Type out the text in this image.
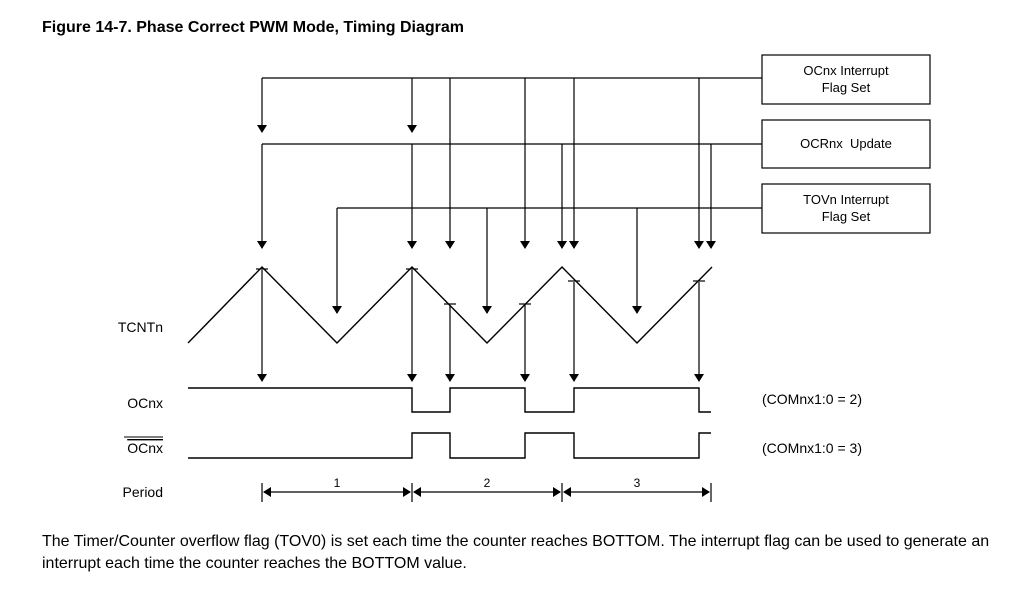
Figure 14-7. Phase Correct PWM Mode, Timing Diagram
OCnx Interrupt
Flag Set
OCRnx  Update
TOVn Interrupt
Flag Set
TCNTn
OCnx
OCnx
Period
(COMnx1:0 = 2)
(COMnx1:0 = 3)
1	2	3

The Timer/Counter overflow flag (TOV0) is set each time the counter reaches BOTTOM. The interrupt flag can be used to generate an interrupt each time the counter reaches the BOTTOM value.
